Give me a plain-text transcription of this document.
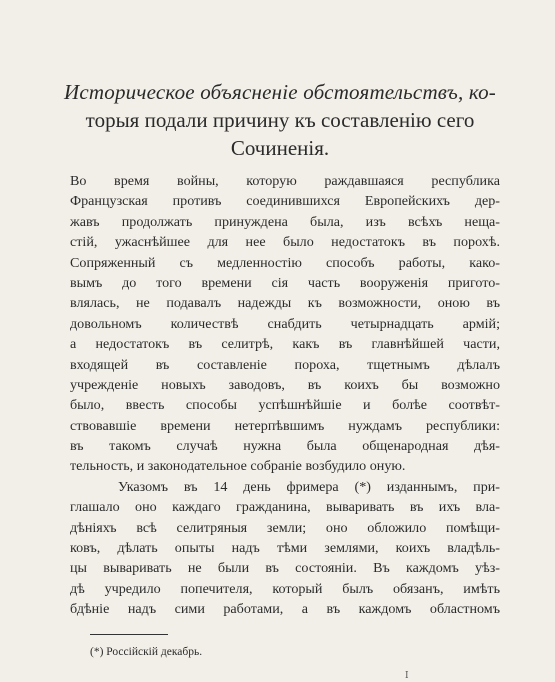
Историческое объясненіе обстоятельствъ, ко-
торыя подали причину къ составленію сего
Сочиненія.
Во время войны, которую раждавшаяся республика
Французская противъ соединившихся Европейскихъ дер-
жавъ продолжать принуждена была, изъ всѣхъ нещa-
стій, ужаснѣйшее для нее было недостатокъ въ порохѣ.
Сопряженный съ медленностію способъ работы, како-
вымъ до того времени сія часть вооруженія пригото-
влялась, не подавалъ надежды къ возможности, оною въ
довольномъ количествѣ снабдить четырнадцать армій;
а недостатокъ въ селитрѣ, какъ въ главнѣйшей части,
входящей въ составленіе пороха, тщетнымъ дѣлалъ
учрежденіе новыхъ заводовъ, въ коихъ бы возможно
было, ввесть способы успѣшнѣйшіе и болѣе соотвѣт-
ствовавшіе времени нетерпѣвшимъ нуждамъ республики:
въ такомъ случаѣ нужна была общенародная дѣя-
тельность, и законодательное собраніе возбудило оную.
Указомъ въ 14 день фримера (*) изданнымъ, при-
глашало оно каждаго гражданина, вываривать въ ихъ вла-
дѣніяхъ всѣ селитряныя земли; оно обложило помѣщи-
ковъ, дѣлать опыты надъ тѣми землями, коихъ владѣль-
цы вываривать не были въ состояніи. Въ каждомъ уѣз-
дѣ учредило попечителя, который былъ обязанъ, имѣть
бдѣніе надъ сими работами, а въ каждомъ областномъ
(*) Россійскій декабрь.
I
